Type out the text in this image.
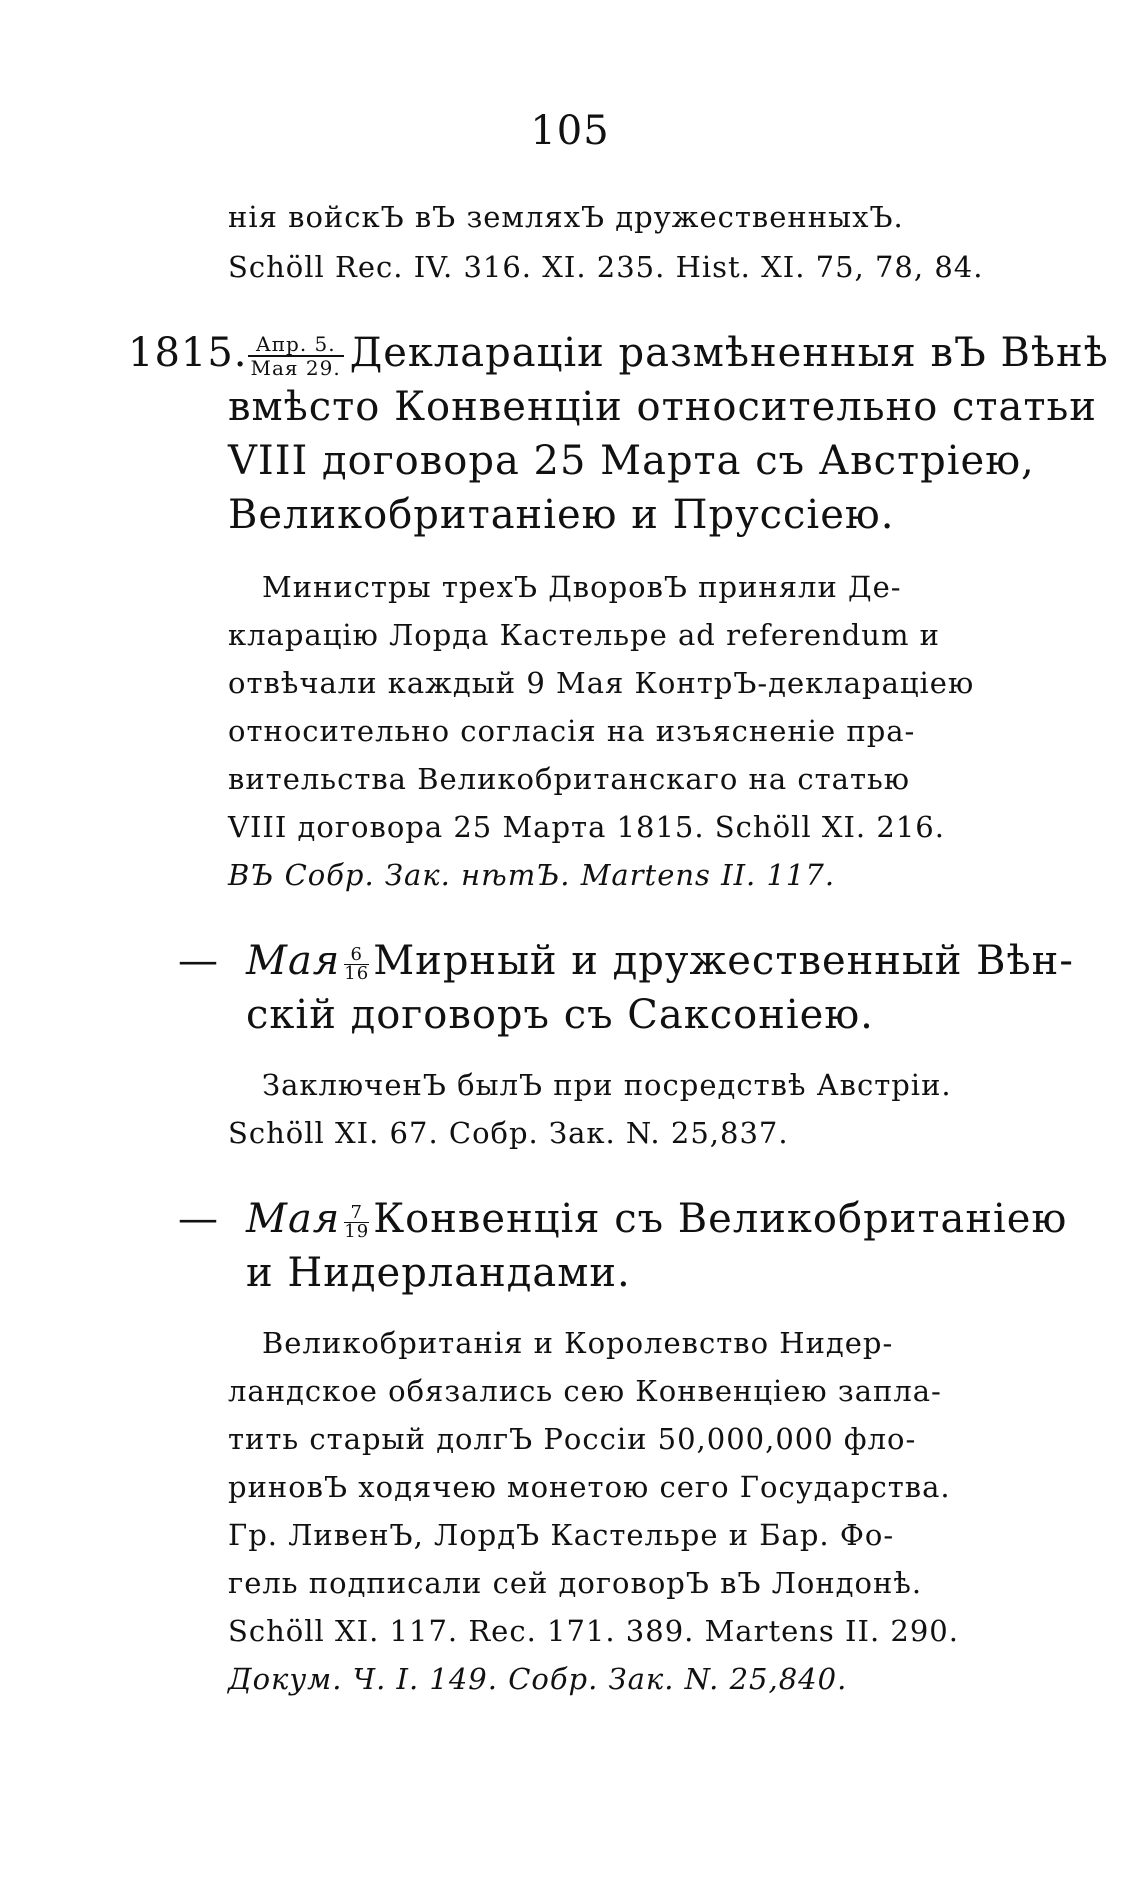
105
нія войскЪ вЪ земляхЪ дружественныхЪ.
Schöll Rec. IV. 316. XI. 235. Hist. XI. 75, 78, 84.
1815. $\frac{\text{Апр. 5.}}{\text{Мая 29.}}$ Деклараціи размѣненныя вЪ Вѣнѣ
вмѣсто Конвенціи относительно статьи
VIII договора 25 Марта съ Австріею,
Великобританіею и Пруссіею.
Министры трехЪ ДворовЪ приняли Де-
кларацію Лорда Кастельре ad referendum и
отвѣчали каждый 9 Мая КонтрЪ-деклараціею
относительно согласія на изъясненіе пра-
вительства Великобританскаго на статью
VIII договора 25 Марта 1815. Schöll XI. 216.
ВЪ Собр. Зак. нѣтЪ. Martens II. 117.
— Мая $\frac{6}{16}$ Мирный и дружественный Вѣн-
скій договоръ съ Саксоніею.
ЗаключенЪ былЪ при посредствѣ Австріи.
Schöll XI. 67. Собр. Зак. N. 25,837.
— Мая $\frac{7}{19}$ Конвенція съ Великобританіею
и Нидерландами.
Великобританія и Королевство Нидер-
ландское обязались сею Конвенціею запла-
тить старый долгЪ Россіи 50,000,000 фло-
риновЪ ходячею монетою сего Государства.
Гр. ЛивенЪ, ЛордЪ Кастельре и Бар. Фо-
гель подписали сей договорЪ вЪ Лондонѣ.
Schöll XI. 117. Rec. 171. 389. Martens II. 290.
Докум. Ч. I. 149. Собр. Зак. N. 25,840.
